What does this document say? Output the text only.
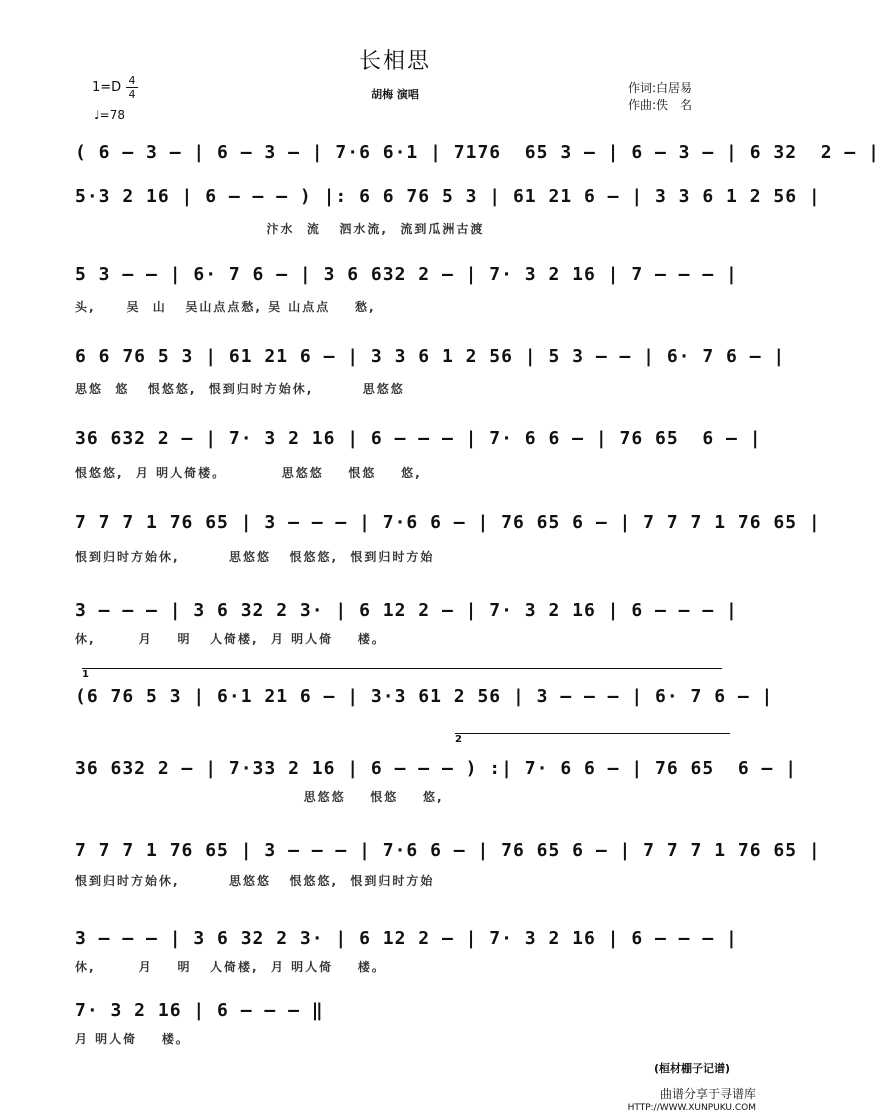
长相思
1=D 4
4
♩=78
胡梅 演唱	作词:白居易
作曲:佚　名
( 6 – 3 – | 6 – 3 – | 7·6 6·1 | 7176  65 3 – | 6 – 3 – | 6 32  2 – |
5·3 2 16 | 6 – – – ) |: 6 6 76 5 3 | 61 21 6 – | 3 3 6 1 2 56 |
汴水  流   泗水流,  流到瓜洲古渡
5 3 – – | 6· 7 6 – | 3 6 632 2 – | 7· 3 2 16 | 7 – – – |
头,     吴  山   吴山点点愁, 吴 山点点    愁,
6 6 76 5 3 | 61 21 6 – | 3 3 6 1 2 56 | 5 3 – – | 6· 7 6 – |
思悠  悠   恨悠悠,  恨到归时方始休,        思悠悠
36 632 2 – | 7· 3 2 16 | 6 – – – | 7· 6 6 – | 76 65  6 – |
恨悠悠,  月 明人倚楼。         思悠悠    恨悠    悠,
7 7 7 1 76 65 | 3 – – – | 7·6 6 – | 76 65 6 – | 7 7 7 1 76 65 |
恨到归时方始休,        思悠悠   恨悠悠,  恨到归时方始
3 – – – | 3 6 32 2 3· | 6 12 2 – | 7· 3 2 16 | 6 – – – |
休,       月    明   人倚楼,  月 明人倚    楼。
1
(6 76 5 3 | 6·1 21 6 – | 3·3 61 2 56 | 3 – – – | 6· 7 6 – |
2
36 632 2 – | 7·33 2 16 | 6 – – – ) :| 7· 6 6 – | 76 65  6 – |
思悠悠    恨悠    悠,
7 7 7 1 76 65 | 3 – – – | 7·6 6 – | 76 65 6 – | 7 7 7 1 76 65 |
恨到归时方始休,        思悠悠   恨悠悠,  恨到归时方始
3 – – – | 3 6 32 2 3· | 6 12 2 – | 7· 3 2 16 | 6 – – – |
休,       月    明   人倚楼,  月 明人倚    楼。
7· 3 2 16 | 6 – – – ‖
月 明人倚    楼。
(桓材棚子记谱)
曲谱分享于寻谱库
HTTP://WWW.XUNPUKU.COM
